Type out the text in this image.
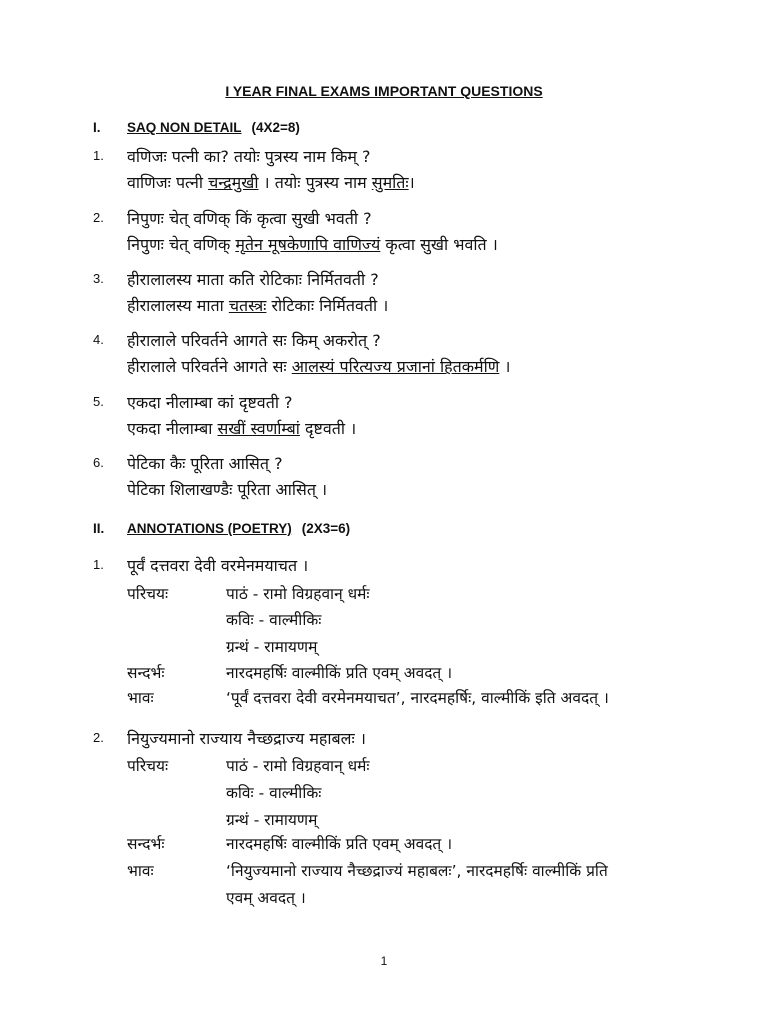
I YEAR FINAL EXAMS IMPORTANT QUESTIONS
I. SAQ NON DETAIL (4X2=8)
1. वणिजः पत्नी का? तयोः पुत्रस्य नाम किम् ?
वाणिजः पत्नी चन्द्रमुखी । तयोः पुत्रस्य नाम सुमतिः।
2. निपुणः चेत् वणिक् किं कृत्वा सुखी भवती ?
निपुणः चेत् वणिक् मृतेन मूषकेणापि वाणिज्यं कृत्वा सुखी भवति ।
3. हीरालालस्य माता कति रोटिकाः निर्मितवती ?
हीरालालस्य माता चतस्त्रः रोटिकाः निर्मितवती ।
4. हीरालाले परिवर्तने आगते सः किम् अकरोत् ?
हीरालाले परिवर्तने आगते सः आलस्यं परित्यज्य प्रजानां हितकर्मणि ।
5. एकदा नीलाम्बा कां दृष्टवती ?
एकदा नीलाम्बा सखीं स्वर्णाम्बां दृष्टवती ।
6. पेटिका कैः पूरिता आसित् ?
पेटिका शिलाखण्डैः पूरिता आसित् ।
II. ANNOTATIONS (POETRY) (2X3=6)
1. पूर्वं दत्तवरा देवी वरमेनमयाचत ।
परिचयः	पाठं - रामो विग्रहवान् धर्मः
कविः - वाल्मीकिः
ग्रन्थं - रामायणम्
सन्दर्भः	नारदमहर्षिः वाल्मीकिं प्रति एवम् अवदत् ।
भावः	‘पूर्वं दत्तवरा देवी वरमेनमयाचत’, नारदमहर्षिः, वाल्मीकिं इति अवदत् ।
2. नियुज्यमानो राज्याय नैच्छद्राज्य महाबलः ।
परिचयः	पाठं - रामो विग्रहवान् धर्मः
कविः - वाल्मीकिः
ग्रन्थं - रामायणम्
सन्दर्भः	नारदमहर्षिः वाल्मीकिं प्रति एवम् अवदत् ।
भावः	‘नियुज्यमानो राज्याय नैच्छद्राज्यं महाबलः’, नारदमहर्षिः वाल्मीकिं प्रति
एवम् अवदत् ।
1
